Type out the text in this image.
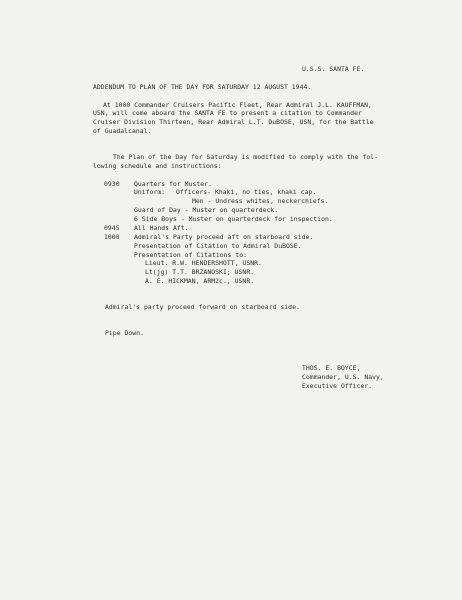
U.S.S. SANTA FE.
ADDENDUM TO PLAN OF THE DAY FOR SATURDAY 12 AUGUST 1944.
At 1000 Commander Cruisers Pacific Fleet, Rear Admiral J.L. KAUFFMAN,
USN, will come aboard the SANTA FE to present a citation to Commander
Cruiser Division Thirteen, Rear Admiral L.T. DuBOSE, USN, for the Battle
of Guadalcanal.
The Plan of the Day for Saturday is modified to comply with the fol-
lowing schedule and instructions:
0930 Quarters for Muster.
Uniform: Officers- Khaki, no ties, khaki cap.
Men - Undress whites, neckerchiefs.
Guard of Day - Muster on quarterdeck.
6 Side Boys - Muster on quarterdeck for inspection.
0945 All Hands Aft.
1000 Admiral's Party proceed aft on starboard side.
Presentation of Citation to Admiral DuBOSE.
Presentation of Citations to:
Lieut. R.W. HENDERSHOTT, USNR.
Lt(jg) T.T. BRZANOSKI; USNR.
A. E. HICKMAN, ARM2c., USNR.
Admiral's party proceed forward on starboard side.
Pipe Down.
THOS. E. BOYCE,
Commander, U.S. Navy,
Executive Officer.
